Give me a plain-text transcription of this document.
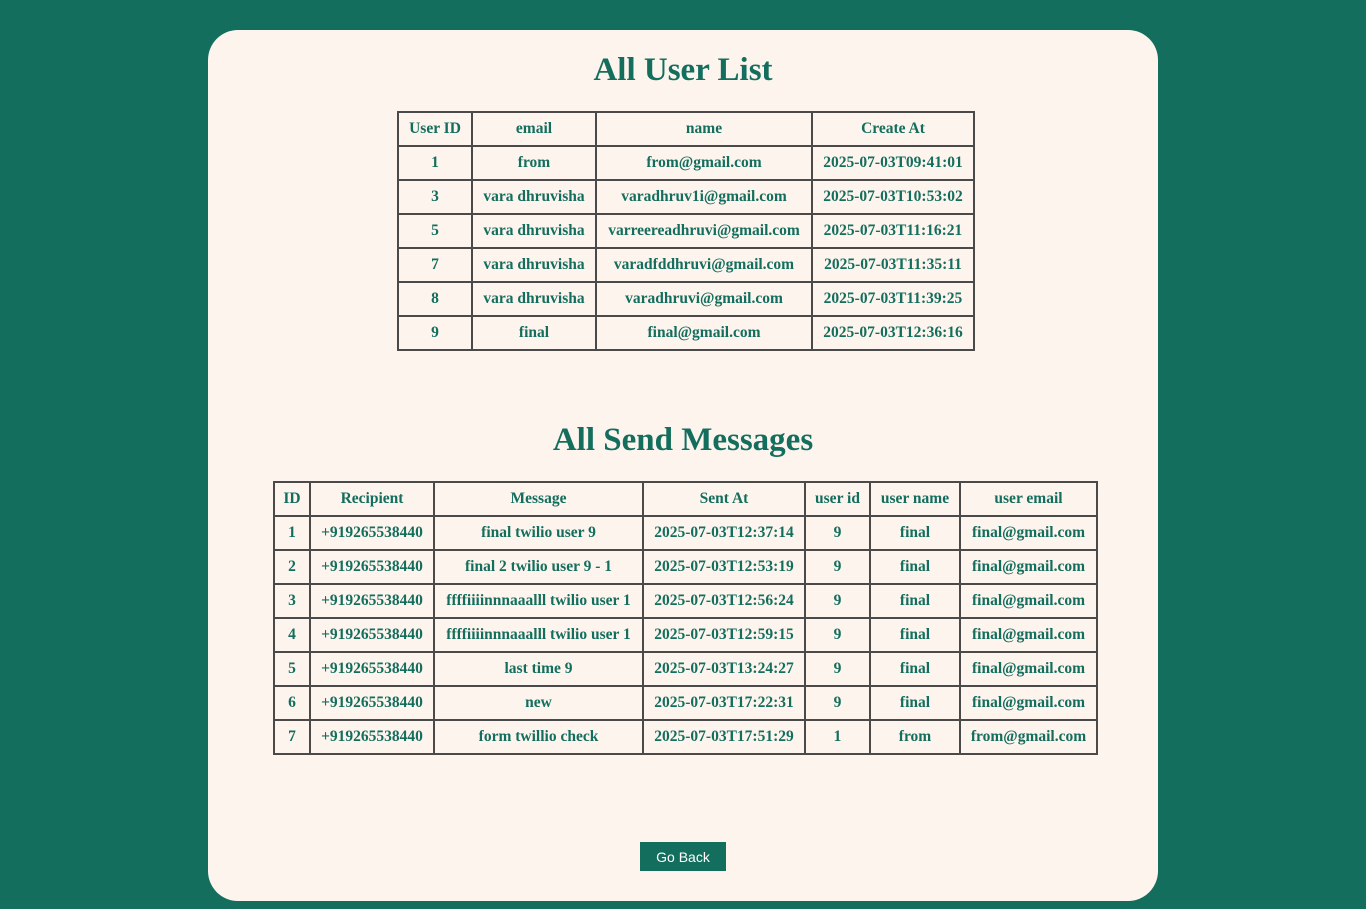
All User List
User ID	email	name	Create At
1	from	from@gmail.com	2025-07-03T09:41:01
3	vara dhruvisha	varadhruv1i@gmail.com	2025-07-03T10:53:02
5	vara dhruvisha	varreereadhruvi@gmail.com	2025-07-03T11:16:21
7	vara dhruvisha	varadfddhruvi@gmail.com	2025-07-03T11:35:11
8	vara dhruvisha	varadhruvi@gmail.com	2025-07-03T11:39:25
9	final	final@gmail.com	2025-07-03T12:36:16
All Send Messages
ID	Recipient	Message	Sent At	user id	user name	user email
1	+919265538440	final twilio user 9	2025-07-03T12:37:14	9	final	final@gmail.com
2	+919265538440	final 2 twilio user 9 - 1	2025-07-03T12:53:19	9	final	final@gmail.com
3	+919265538440	ffffiiiinnnaaalll twilio user 1	2025-07-03T12:56:24	9	final	final@gmail.com
4	+919265538440	ffffiiiinnnaaalll twilio user 1	2025-07-03T12:59:15	9	final	final@gmail.com
5	+919265538440	last time 9	2025-07-03T13:24:27	9	final	final@gmail.com
6	+919265538440	new	2025-07-03T17:22:31	9	final	final@gmail.com
7	+919265538440	form twillio check	2025-07-03T17:51:29	1	from	from@gmail.com
Go Back
